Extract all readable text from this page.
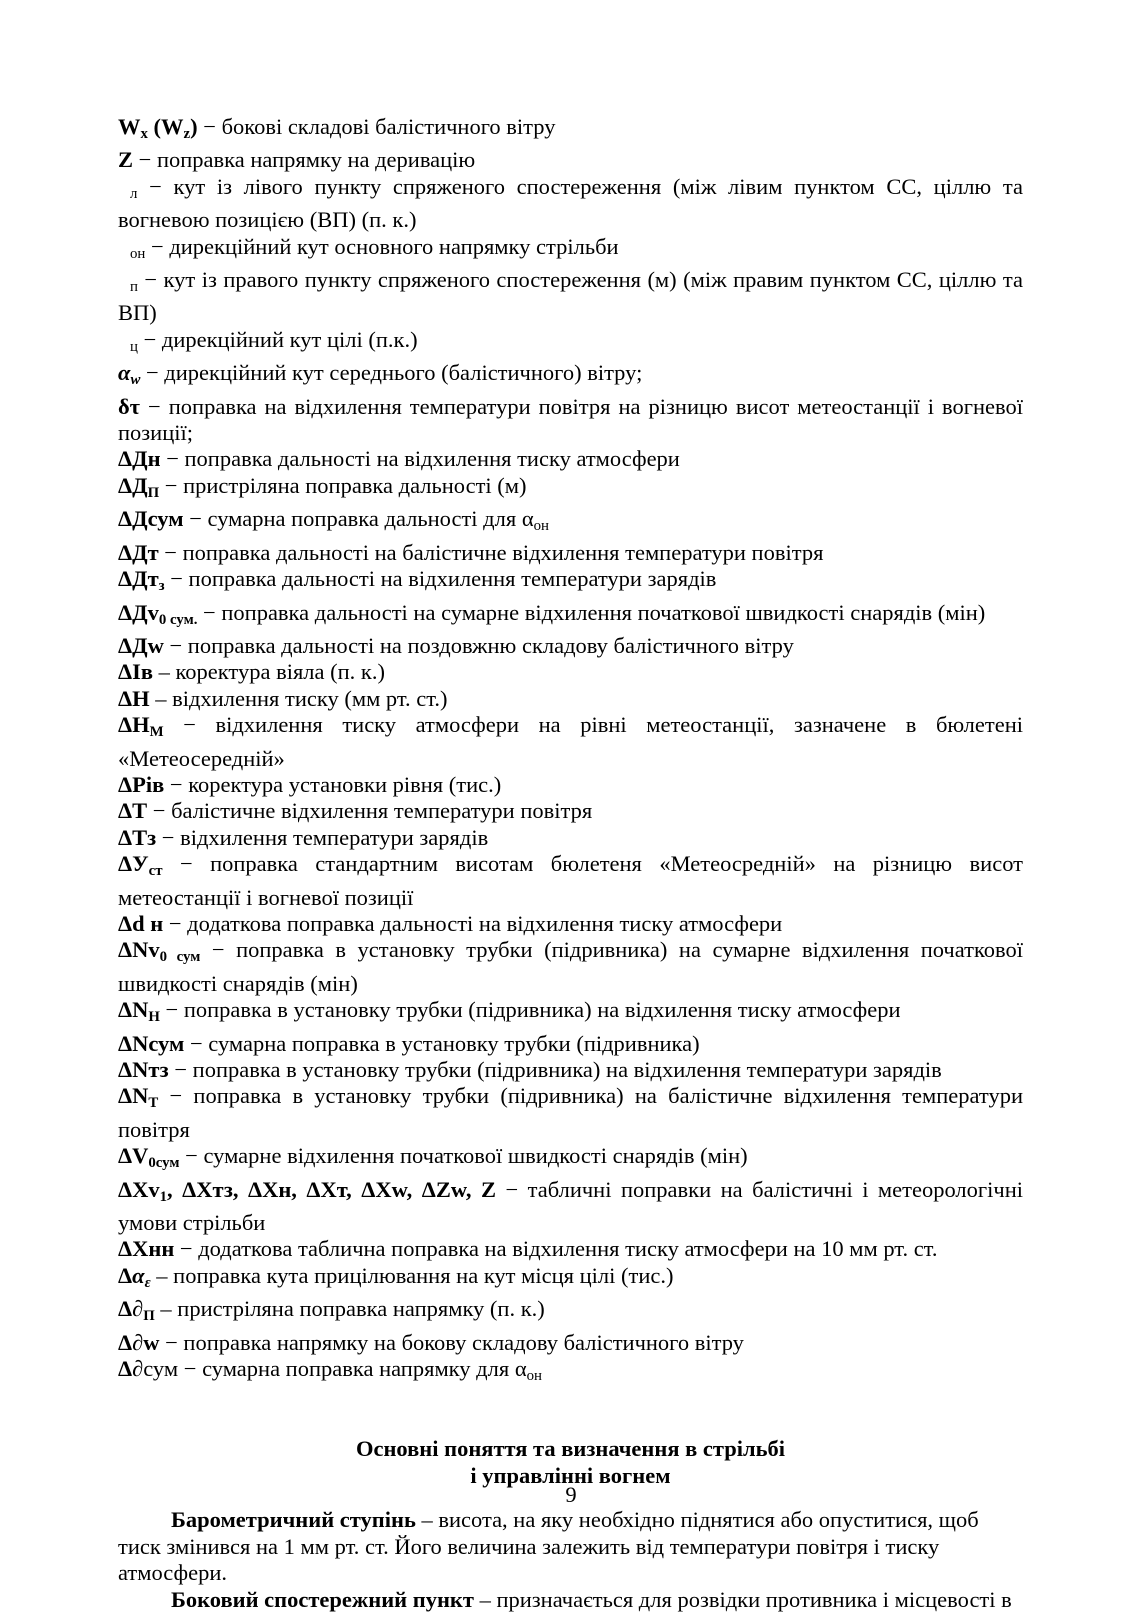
Wx (Wz) − бокові складові балістичного вітру
Z − поправка напрямку на деривацію
л − кут із лівого пункту спряженого спостереження (між лівим пунктом СС, ціллю та вогневою позицією (ВП) (п. к.)
он − дирекційний кут основного напрямку стрільби
п − кут із правого пункту спряженого спостереження (м) (між правим пунктом СС, ціллю та ВП)
ц − дирекційний кут цілі (п.к.)
αw − дирекційний кут середнього (балістичного) вітру;
δτ − поправка на відхилення температури повітря на різницю висот метеостанції і вогневої позиції;
ΔДн − поправка дальності на відхилення тиску атмосфери
ΔДП − пристріляна поправка дальності (м)
ΔДсум − сумарна поправка дальності для αон
ΔДт − поправка дальності на балістичне відхилення температури повітря
ΔДтз − поправка дальності на відхилення температури зарядів
ΔДv0 сум. − поправка дальності на сумарне відхилення початкової швидкості снарядів (мін)
ΔДw − поправка дальності на поздовжню складову балістичного вітру
ΔІв – коректура віяла (п. к.)
ΔН – відхилення тиску (мм рт. ст.)
ΔНМ − відхилення тиску атмосфери на рівні метеостанції, зазначене в бюлетені «Метеосередній»
ΔРів − коректура установки рівня (тис.)
ΔТ − балістичне відхилення температури повітря
ΔТз − відхилення температури зарядів
ΔУст − поправка стандартним висотам бюлетеня «Метеосредній» на різницю висот метеостанції і вогневої позиції
Δd н − додаткова поправка дальності на відхилення тиску атмосфери
ΔNv0 сум − поправка в установку трубки (підривника) на сумарне відхилення початкової швидкості снарядів (мін)
ΔNН − поправка в установку трубки (підривника) на відхилення тиску атмосфери
ΔNсум − сумарна поправка в установку трубки (підривника)
ΔNтз − поправка в установку трубки (підривника) на відхилення температури зарядів
ΔNТ − поправка в установку трубки (підривника) на балістичне відхилення температури повітря
ΔV0сум − сумарне відхилення початкової швидкості снарядів (мін)
ΔXv1, ΔXтз, ΔXн, ΔXт, ΔXw, ΔZw, Z − табличні поправки на балістичні і метеорологічні умови стрільби
ΔXнн − додаткова таблична поправка на відхилення тиску атмосфери на 10 мм рт. ст.
Δαε – поправка кута прицілювання на кут місця цілі (тис.)
Δ∂П – пристріляна поправка напрямку (п. к.)
Δ∂w − поправка напрямку на бокову складову балістичного вітру
Δ∂сум − сумарна поправка напрямку для αон
Основні поняття та визначення в стрільбі
і управлінні вогнем

Барометричний ступінь – висота, на яку необхідно піднятися або опуститися, щоб тиск змінився на 1 мм рт. ст. Його величина залежить від температури повітря і тиску атмосфери.

Боковий спостережний пункт – призначається для розвідки противника і місцевості в

9
